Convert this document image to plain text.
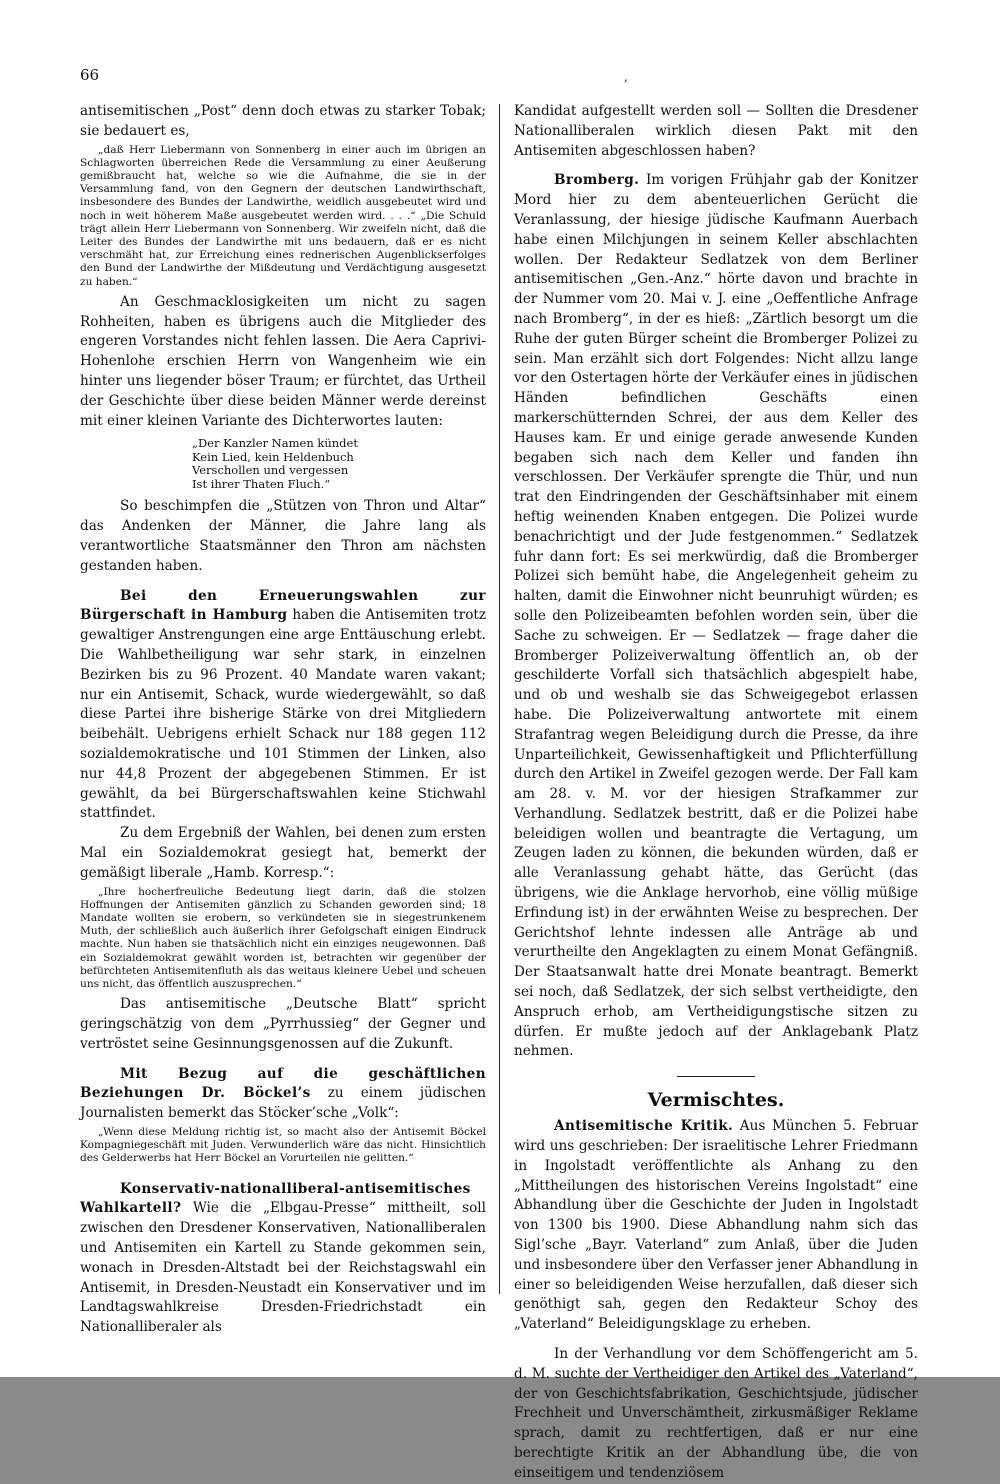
66	,

antisemitischen „Post“ denn doch etwas zu starker Tobak; sie bedauert es,

„daß Herr Liebermann von Sonnenberg in einer auch im übrigen an Schlagworten überreichen Rede die Versammlung zu einer Aeußerung gemißbraucht hat, welche so wie die Aufnahme, die sie in der Versammlung fand, von den Gegnern der deutschen Landwirthschaft, insbesondere des Bundes der Landwirthe, weidlich ausgebeutet wird und noch in weit höherem Maße ausgebeutet werden wird. . . .“ „Die Schuld trägt allein Herr Liebermann von Sonnenberg. Wir zweifeln nicht, daß die Leiter des Bundes der Landwirthe mit uns bedauern, daß er es nicht verschmäht hat, zur Erreichung eines rednerischen Augenblickserfolges den Bund der Landwirthe der Mißdeutung und Verdächtigung ausgesetzt zu haben.“

An Geschmacklosigkeiten um nicht zu sagen Rohheiten, haben es übrigens auch die Mitglieder des engeren Vorstandes nicht fehlen lassen. Die Aera Caprivi-Hohenlohe erschien Herrn von Wangenheim wie ein hinter uns liegender böser Traum; er fürchtet, das Urtheil der Geschichte über diese beiden Männer werde dereinst mit einer kleinen Variante des Dichterwortes lauten:

„Der Kanzler Namen kündet
Kein Lied, kein Heldenbuch
Verschollen und vergessen
Ist ihrer Thaten Fluch.“

So beschimpfen die „Stützen von Thron und Altar“ das Andenken der Männer, die Jahre lang als verantwortliche Staatsmänner den Thron am nächsten gestanden haben.

Bei den Erneuerungswahlen zur Bürgerschaft in Hamburg haben die Antisemiten trotz gewaltiger Anstrengungen eine arge Enttäuschung erlebt. Die Wahlbetheiligung war sehr stark, in einzelnen Bezirken bis zu 96 Prozent. 40 Mandate waren vakant; nur ein Antisemit, Schack, wurde wiedergewählt, so daß diese Partei ihre bisherige Stärke von drei Mitgliedern beibehält. Uebrigens erhielt Schack nur 188 gegen 112 sozialdemokratische und 101 Stimmen der Linken, also nur 44,8 Prozent der abgegebenen Stimmen. Er ist gewählt, da bei Bürgerschaftswahlen keine Stichwahl stattfindet.

Zu dem Ergebniß der Wahlen, bei denen zum ersten Mal ein Sozialdemokrat gesiegt hat, bemerkt der gemäßigt liberale „Hamb. Korresp.“:

„Ihre hocherfreuliche Bedeutung liegt darin, daß die stolzen Hoffnungen der Antisemiten gänzlich zu Schanden geworden sind; 18 Mandate wollten sie erobern, so verkündeten sie in siegestrunkenem Muth, der schließlich auch äußerlich ihrer Gefolgschaft einigen Eindruck machte. Nun haben sie thatsächlich nicht ein einziges neugewonnen. Daß ein Sozialdemokrat gewählt worden ist, betrachten wir gegenüber der befürchteten Antisemitenfluth als das weitaus kleinere Uebel und scheuen uns nicht, das öffentlich auszusprechen.“

Das antisemitische „Deutsche Blatt“ spricht geringschätzig von dem „Pyrrhussieg“ der Gegner und vertröstet seine Gesinnungsgenossen auf die Zukunft.

Mit Bezug auf die geschäftlichen Beziehungen Dr. Böckel’s zu einem jüdischen Journalisten bemerkt das Stöcker’sche „Volk“:

„Wenn diese Meldung richtig ist, so macht also der Antisemit Böckel Kompagniegeschäft mit Juden. Verwunderlich wäre das nicht. Hinsichtlich des Gelderwerbs hat Herr Böckel an Vorurteilen nie gelitten.“

Konservativ-nationalliberal-antisemitisches Wahlkartell? Wie die „Elbgau-Presse“ mittheilt, soll zwischen den Dresdener Konservativen, Nationalliberalen und Antisemiten ein Kartell zu Stande gekommen sein, wonach in Dresden-Altstadt bei der Reichstagswahl ein Antisemit, in Dresden-Neustadt ein Konservativer und im Landtagswahlkreise Dresden-Friedrichstadt ein Nationalliberaler als

Kandidat aufgestellt werden soll — Sollten die Dresdener Nationalliberalen wirklich diesen Pakt mit den Antisemiten abgeschlossen haben?

Bromberg. Im vorigen Frühjahr gab der Konitzer Mord hier zu dem abenteuerlichen Gerücht die Veranlassung, der hiesige jüdische Kaufmann Auerbach habe einen Milchjungen in seinem Keller abschlachten wollen. Der Redakteur Sedlatzek von dem Berliner antisemitischen „Gen.-Anz.“ hörte davon und brachte in der Nummer vom 20. Mai v. J. eine „Oeffentliche Anfrage nach Bromberg“, in der es hieß: „Zärtlich besorgt um die Ruhe der guten Bürger scheint die Bromberger Polizei zu sein. Man erzählt sich dort Folgendes: Nicht allzu lange vor den Ostertagen hörte der Verkäufer eines in jüdischen Händen befindlichen Geschäfts einen markerschütternden Schrei, der aus dem Keller des Hauses kam. Er und einige gerade anwesende Kunden begaben sich nach dem Keller und fanden ihn verschlossen. Der Verkäufer sprengte die Thür, und nun trat den Eindringenden der Geschäftsinhaber mit einem heftig weinenden Knaben entgegen. Die Polizei wurde benachrichtigt und der Jude festgenommen.“ Sedlatzek fuhr dann fort: Es sei merkwürdig, daß die Bromberger Polizei sich bemüht habe, die Angelegenheit geheim zu halten, damit die Einwohner nicht beunruhigt würden; es solle den Polizeibeamten befohlen worden sein, über die Sache zu schweigen. Er — Sedlatzek — frage daher die Bromberger Polizeiverwaltung öffentlich an, ob der geschilderte Vorfall sich thatsächlich abgespielt habe, und ob und weshalb sie das Schweigegebot erlassen habe. Die Polizeiverwaltung antwortete mit einem Strafantrag wegen Beleidigung durch die Presse, da ihre Unparteilichkeit, Gewissenhaftigkeit und Pflichterfüllung durch den Artikel in Zweifel gezogen werde. Der Fall kam am 28. v. M. vor der hiesigen Strafkammer zur Verhandlung. Sedlatzek bestritt, daß er die Polizei habe beleidigen wollen und beantragte die Vertagung, um Zeugen laden zu können, die bekunden würden, daß er alle Veranlassung gehabt hätte, das Gerücht (das übrigens, wie die Anklage hervorhob, eine völlig müßige Erfindung ist) in der erwähnten Weise zu besprechen. Der Gerichtshof lehnte indessen alle Anträge ab und verurtheilte den Angeklagten zu einem Monat Gefängniß. Der Staatsanwalt hatte drei Monate beantragt. Bemerkt sei noch, daß Sedlatzek, der sich selbst vertheidigte, den Anspruch erhob, am Vertheidigungstische sitzen zu dürfen. Er mußte jedoch auf der Anklagebank Platz nehmen.

Vermischtes.

Antisemitische Kritik. Aus München 5. Februar wird uns geschrieben: Der israelitische Lehrer Friedmann in Ingolstadt veröffentlichte als Anhang zu den „Mittheilungen des historischen Vereins Ingolstadt“ eine Abhandlung über die Geschichte der Juden in Ingolstadt von 1300 bis 1900. Diese Abhandlung nahm sich das Sigl’sche „Bayr. Vaterland“ zum Anlaß, über die Juden und insbesondere über den Verfasser jener Abhandlung in einer so beleidigenden Weise herzufallen, daß dieser sich genöthigt sah, gegen den Redakteur Schoy des „Vaterland“ Beleidigungsklage zu erheben.

In der Verhandlung vor dem Schöffengericht am 5. d. M. suchte der Vertheidiger den Artikel des „Vaterland“, der von Geschichtsfabrikation, Geschichtsjude, jüdischer Frechheit und Unverschämtheit, zirkusmäßiger Reklame sprach, damit zu rechtfertigen, daß er nur eine berechtigte Kritik an der Abhandlung übe, die von einseitigem und tendenziösem
